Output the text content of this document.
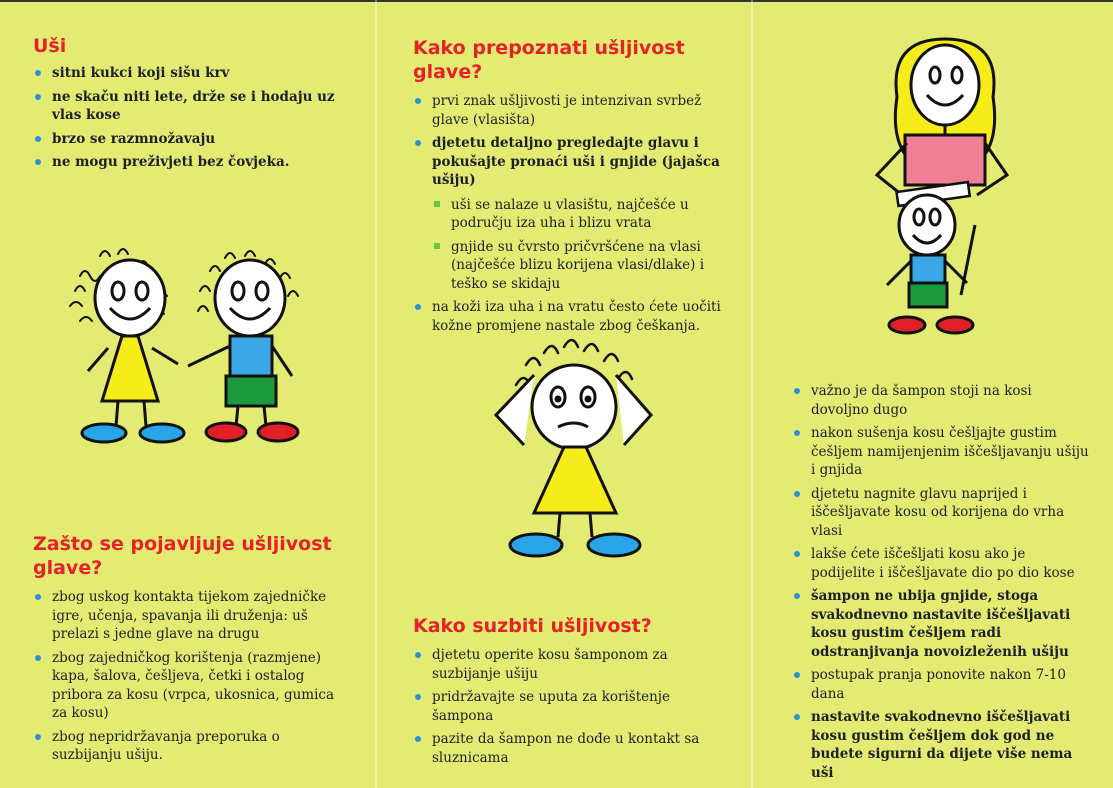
Uši
sitni kukci koji sišu krv
ne skaču niti lete, drže se i hodaju uz vlas kose
brzo se razmnožavaju
ne mogu preživjeti bez čovjeka.
Zašto se pojavljuje ušljivost glave?
zbog uskog kontakta tijekom zajedničke igre, učenja, spavanja ili druženja: uš prelazi s jedne glave na drugu
zbog zajedničkog korištenja (razmjene) kapa, šalova, češljeva, četki i ostalog pribora za kosu (vrpca, ukosnica, gumica za kosu)
zbog nepridržavanja preporuka o suzbijanju ušiju.
Kako prepoznati ušljivost glave?
prvi znak ušljivosti je intenzivan svrbež glave (vlasišta)
djetetu detaljno pregledajte glavu i pokušajte pronaći uši i gnjide (jajašca ušiju)
uši se nalaze u vlasištu, najčešće u području iza uha i blizu vrata
gnjide su čvrsto pričvršćene na vlasi (najčešće blizu korijena vlasi/dlake) i teško se skidaju
na koži iza uha i na vratu često ćete uočiti kožne promjene nastale zbog češkanja.
Kako suzbiti ušljivost?
djetetu operite kosu šamponom za suzbijanje ušiju
pridržavajte se uputa za korištenje šampona
pazite da šampon ne dođe u kontakt sa sluznicama
važno je da šampon stoji na kosi dovoljno dugo
nakon sušenja kosu češljajte gustim češljem namijenjenim iščešljavanju ušiju i gnjida
djetetu nagnite glavu naprijed i iščešljavate kosu od korijena do vrha vlasi
lakše ćete iščešljati kosu ako je podijelite i iščešljavate dio po dio kose
šampon ne ubija gnjide, stoga svakodnevno nastavite iščešljavati kosu gustim češljem radi odstranjivanja novoizleženih ušiju
postupak pranja ponovite nakon 7-10 dana
nastavite svakodnevno iščešljavati kosu gustim češljem dok god ne budete sigurni da dijete više nema uši
